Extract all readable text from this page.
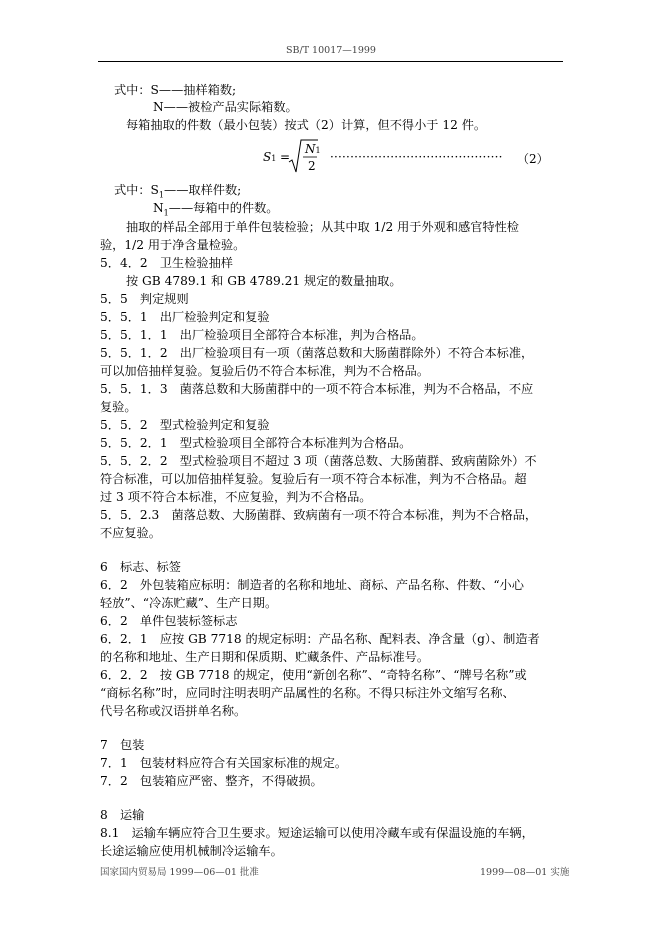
SB/T 10017—1999
式中：S——抽样箱数;
N——被检产品实际箱数。
每箱抽取的件数（最小包装）按式（2）计算，但不得小于 12 件。
S1 =
N1
2
··········································· （2）
式中：$S_1——$取样件数;
$N_1——$每箱中的件数。
抽取的样品全部用于单件包装检验；从其中取 1/2 用于外观和感官特性检
验，1/2 用于净含量检验。
5．4．2　卫生检验抽样
按 GB 4789.1 和 GB 4789.21 规定的数量抽取。
5．5　判定规则
5．5．1　出厂检验判定和复验
5．5．1．1　出厂检验项目全部符合本标准，判为合格品。
5．5．1．2　出厂检验项目有一项（菌落总数和大肠菌群除外）不符合本标准，
可以加倍抽样复验。复验后仍不符合本标准，判为不合格品。
5．5．1．3　菌落总数和大肠菌群中的一项不符合本标准，判为不合格品，不应
复验。
5．5．2　型式检验判定和复验
5．5．2．1　型式检验项目全部符合本标准判为合格品。
5．5．2．2　型式检验项目不超过 3 项（菌落总数、大肠菌群、致病菌除外）不
符合标准，可以加倍抽样复验。复验后有一项不符合本标准，判为不合格品。超
过 3 项不符合本标准，不应复验，判为不合格品。
5．5．2.3　菌落总数、大肠菌群、致病菌有一项不符合本标准，判为不合格品，
不应复验。
6　标志、标签
6．2　外包装箱应标明：制造者的名称和地址、商标、产品名称、件数、“小心
轻放”、“冷冻贮藏”、生产日期。
6．2　单件包装标签标志
6．2．1　应按 GB 7718 的规定标明：产品名称、配料表、净含量（g）、制造者
的名称和地址、生产日期和保质期、贮藏条件、产品标准号。
6．2．2　按 GB 7718 的规定，使用“新创名称”、“奇特名称”、“牌号名称”或
“商标名称”时，应同时注明表明产品属性的名称。不得只标注外文缩写名称、
代号名称或汉语拼单名称。
7　包装
7．1　包装材料应符合有关国家标准的规定。
7．2　包装箱应严密、整齐，不得破损。
8　运输
8.1　运输车辆应符合卫生要求。短途运输可以使用冷藏车或有保温设施的车辆，
长途运输应使用机械制冷运输车。
国家国内贸易局 1999—06—01 批准	1999—08—01 实施
